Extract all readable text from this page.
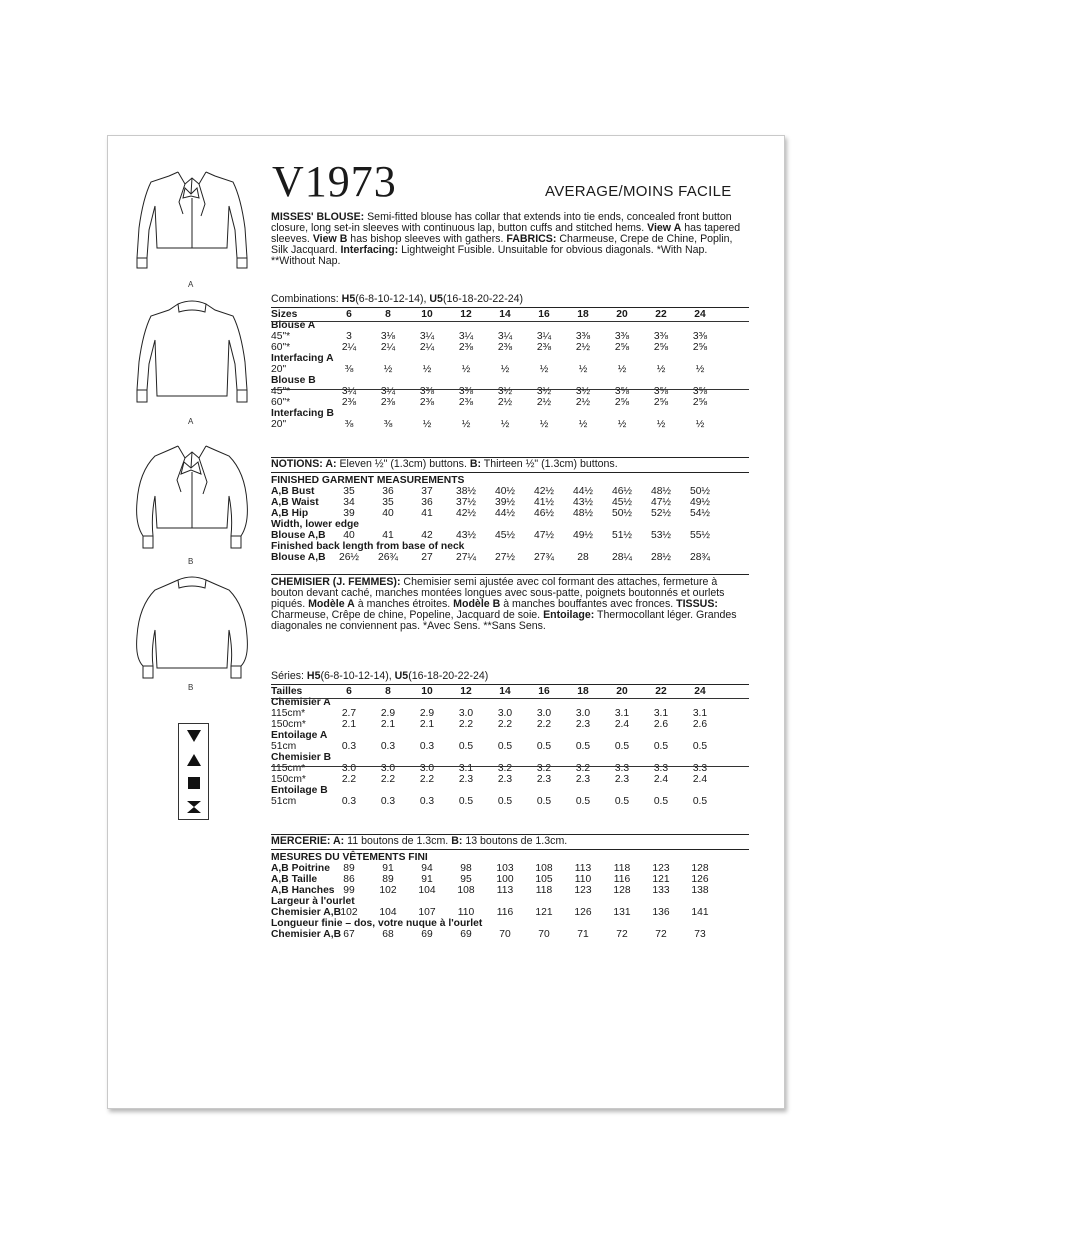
V1973	AVERAGE/MOINS FACILE
MISSES' BLOUSE: Semi-fitted blouse has collar that extends into tie ends, concealed front button closure, long set-in sleeves with continuous lap, button cuffs and stitched hems. View A has tapered sleeves. View B has bishop sleeves with gathers. FABRICS: Charmeuse, Crepe de Chine, Poplin, Silk Jacquard. Interfacing: Lightweight Fusible. Unsuitable for obvious diagonals. *With Nap. **Without Nap.
Combinations: H5(6-8-10-12-14), U5(16-18-20-22-24)
Sizes	6	8	10	12	14	16	18	20	22	24
Blouse A
45"*	3	3⅛	3¼	3¼	3¼	3¼	3⅜	3⅜	3⅜	3⅜
60"*	2¼	2¼	2¼	2⅜	2⅜	2⅜	2½	2⅝	2⅝	2⅝
Interfacing A
20"	⅜	½	½	½	½	½	½	½	½	½
Blouse B
45"*	3¼	3¼	3⅜	3⅜	3½	3½	3½	3⅝	3⅝	3⅝
60"*	2⅜	2⅜	2⅜	2⅜	2½	2½	2½	2⅝	2⅝	2⅝
Interfacing B
20"	⅜	⅜	½	½	½	½	½	½	½	½
NOTIONS: A: Eleven ½" (1.3cm) buttons. B: Thirteen ½" (1.3cm) buttons.
FINISHED GARMENT MEASUREMENTS
A,B Bust	35	36	37	38½	40½	42½	44½	46½	48½	50½
A,B Waist	34	35	36	37½	39½	41½	43½	45½	47½	49½
A,B Hip	39	40	41	42½	44½	46½	48½	50½	52½	54½
Width, lower edge
Blouse A,B	40	41	42	43½	45½	47½	49½	51½	53½	55½
Finished back length from base of neck
Blouse A,B	26½	26¾	27	27¼	27½	27¾	28	28¼	28½	28¾
CHEMISIER (J. FEMMES): Chemisier semi ajustée avec col formant des attaches, fermeture à bouton devant caché, manches montées longues avec sous-patte, poignets boutonnés et ourlets piqués. Modèle A à manches étroites. Modèle B à manches bouffantes avec fronces. TISSUS: Charmeuse, Crêpe de chine, Popeline, Jacquard de soie. Entoilage: Thermocollant léger. Grandes diagonales ne conviennent pas. *Avec Sens. **Sans Sens.
Séries: H5(6-8-10-12-14), U5(16-18-20-22-24)
Tailles	6	8	10	12	14	16	18	20	22	24
Chemisier A
115cm*	2.7	2.9	2.9	3.0	3.0	3.0	3.0	3.1	3.1	3.1
150cm*	2.1	2.1	2.1	2.2	2.2	2.2	2.3	2.4	2.6	2.6
Entoilage A
51cm	0.3	0.3	0.3	0.5	0.5	0.5	0.5	0.5	0.5	0.5
Chemisier B
115cm*	3.0	3.0	3.0	3.1	3.2	3.2	3.2	3.3	3.3	3.3
150cm*	2.2	2.2	2.2	2.3	2.3	2.3	2.3	2.3	2.4	2.4
Entoilage B
51cm	0.3	0.3	0.3	0.5	0.5	0.5	0.5	0.5	0.5	0.5
MERCERIE: A: 11 boutons de 1.3cm. B: 13 boutons de 1.3cm.
MESURES DU VÊTEMENTS FINI
A,B Poitrine	89	91	94	98	103	108	113	118	123	128
A,B Taille	86	89	91	95	100	105	110	116	121	126
A,B Hanches 99	102	104	108	113	118	123	128	133	138
Largeur à l'ourlet
Chemisier A,B 102	104	107	110	116	121	126	131	136	141
Longueur finie – dos, votre nuque à l'ourlet
Chemisier A,B 67	68	69	69	70	70	71	72	72	73
A
A
B
B
